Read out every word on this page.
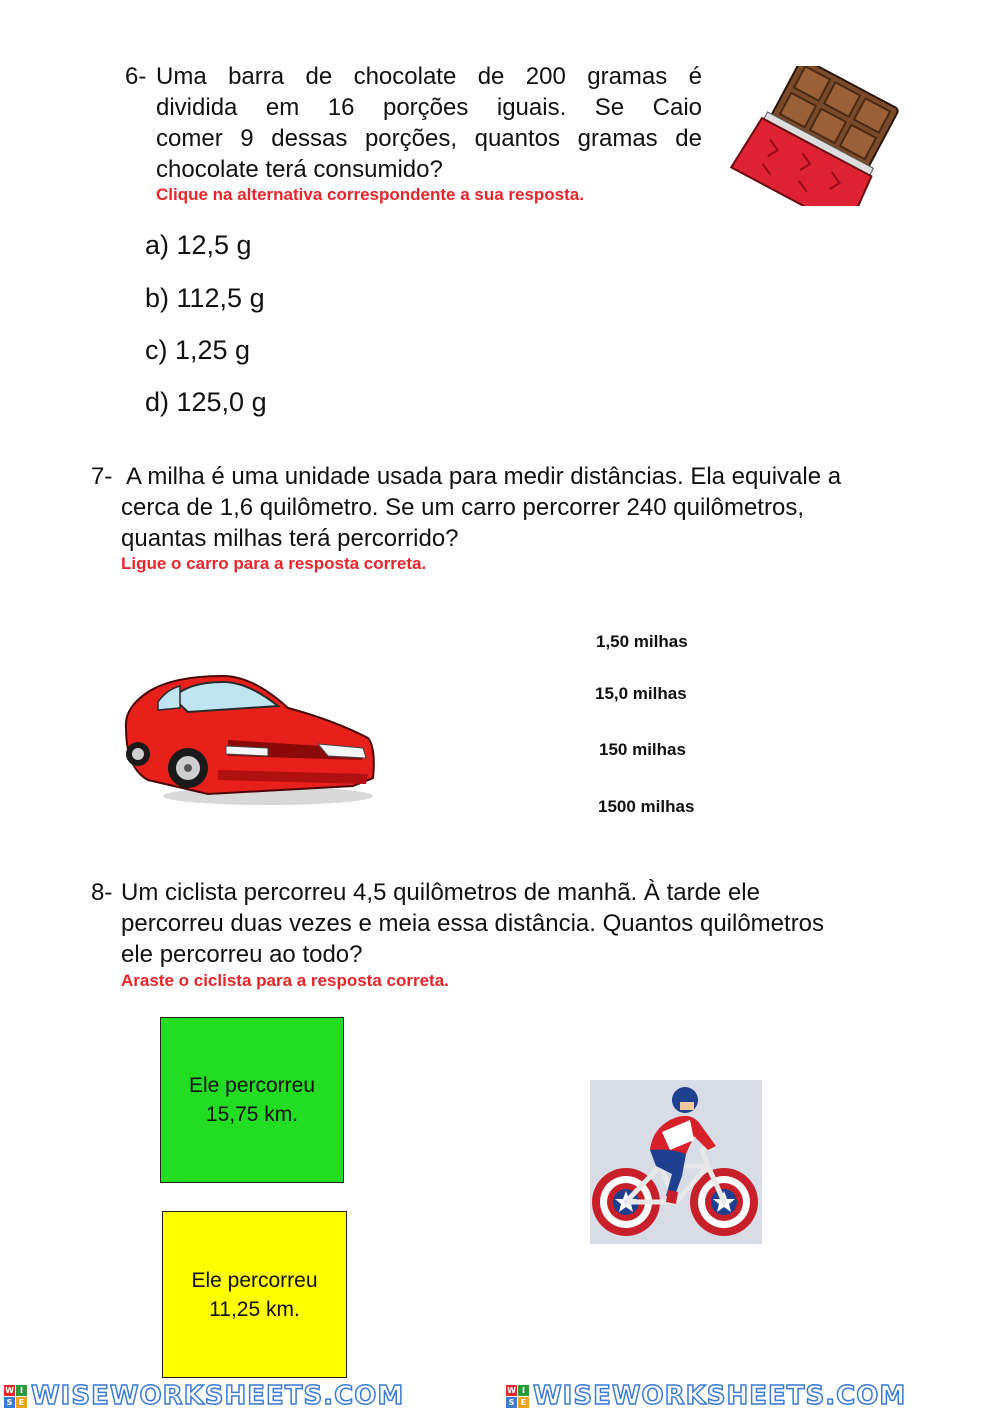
6- Uma barra de chocolate de 200 gramas é
dividida em 16 porções iguais. Se Caio
comer 9 dessas porções, quantos gramas de
chocolate terá consumido?
Clique na alternativa correspondente a sua resposta.
a) 12,5 g
b) 112,5 g
c) 1,25 g
d) 125,0 g
7- A milha é uma unidade usada para medir distâncias. Ela equivale a
cerca de 1,6 quilômetro. Se um carro percorrer 240 quilômetros,
quantas milhas terá percorrido?
Ligue o carro para a resposta correta.
1,50 milhas
15,0 milhas
150 milhas
1500 milhas
8- Um ciclista percorreu 4,5 quilômetros de manhã. À tarde ele
percorreu duas vezes e meia essa distância. Quantos quilômetros
ele percorreu ao todo?
Araste o ciclista para a resposta correta.
Ele percorreu
15,75 km.
Ele percorreu
11,25 km.
W I
S E WISEWORKSHEETS.COM	W I
S E WISEWORKSHEETS.COM
